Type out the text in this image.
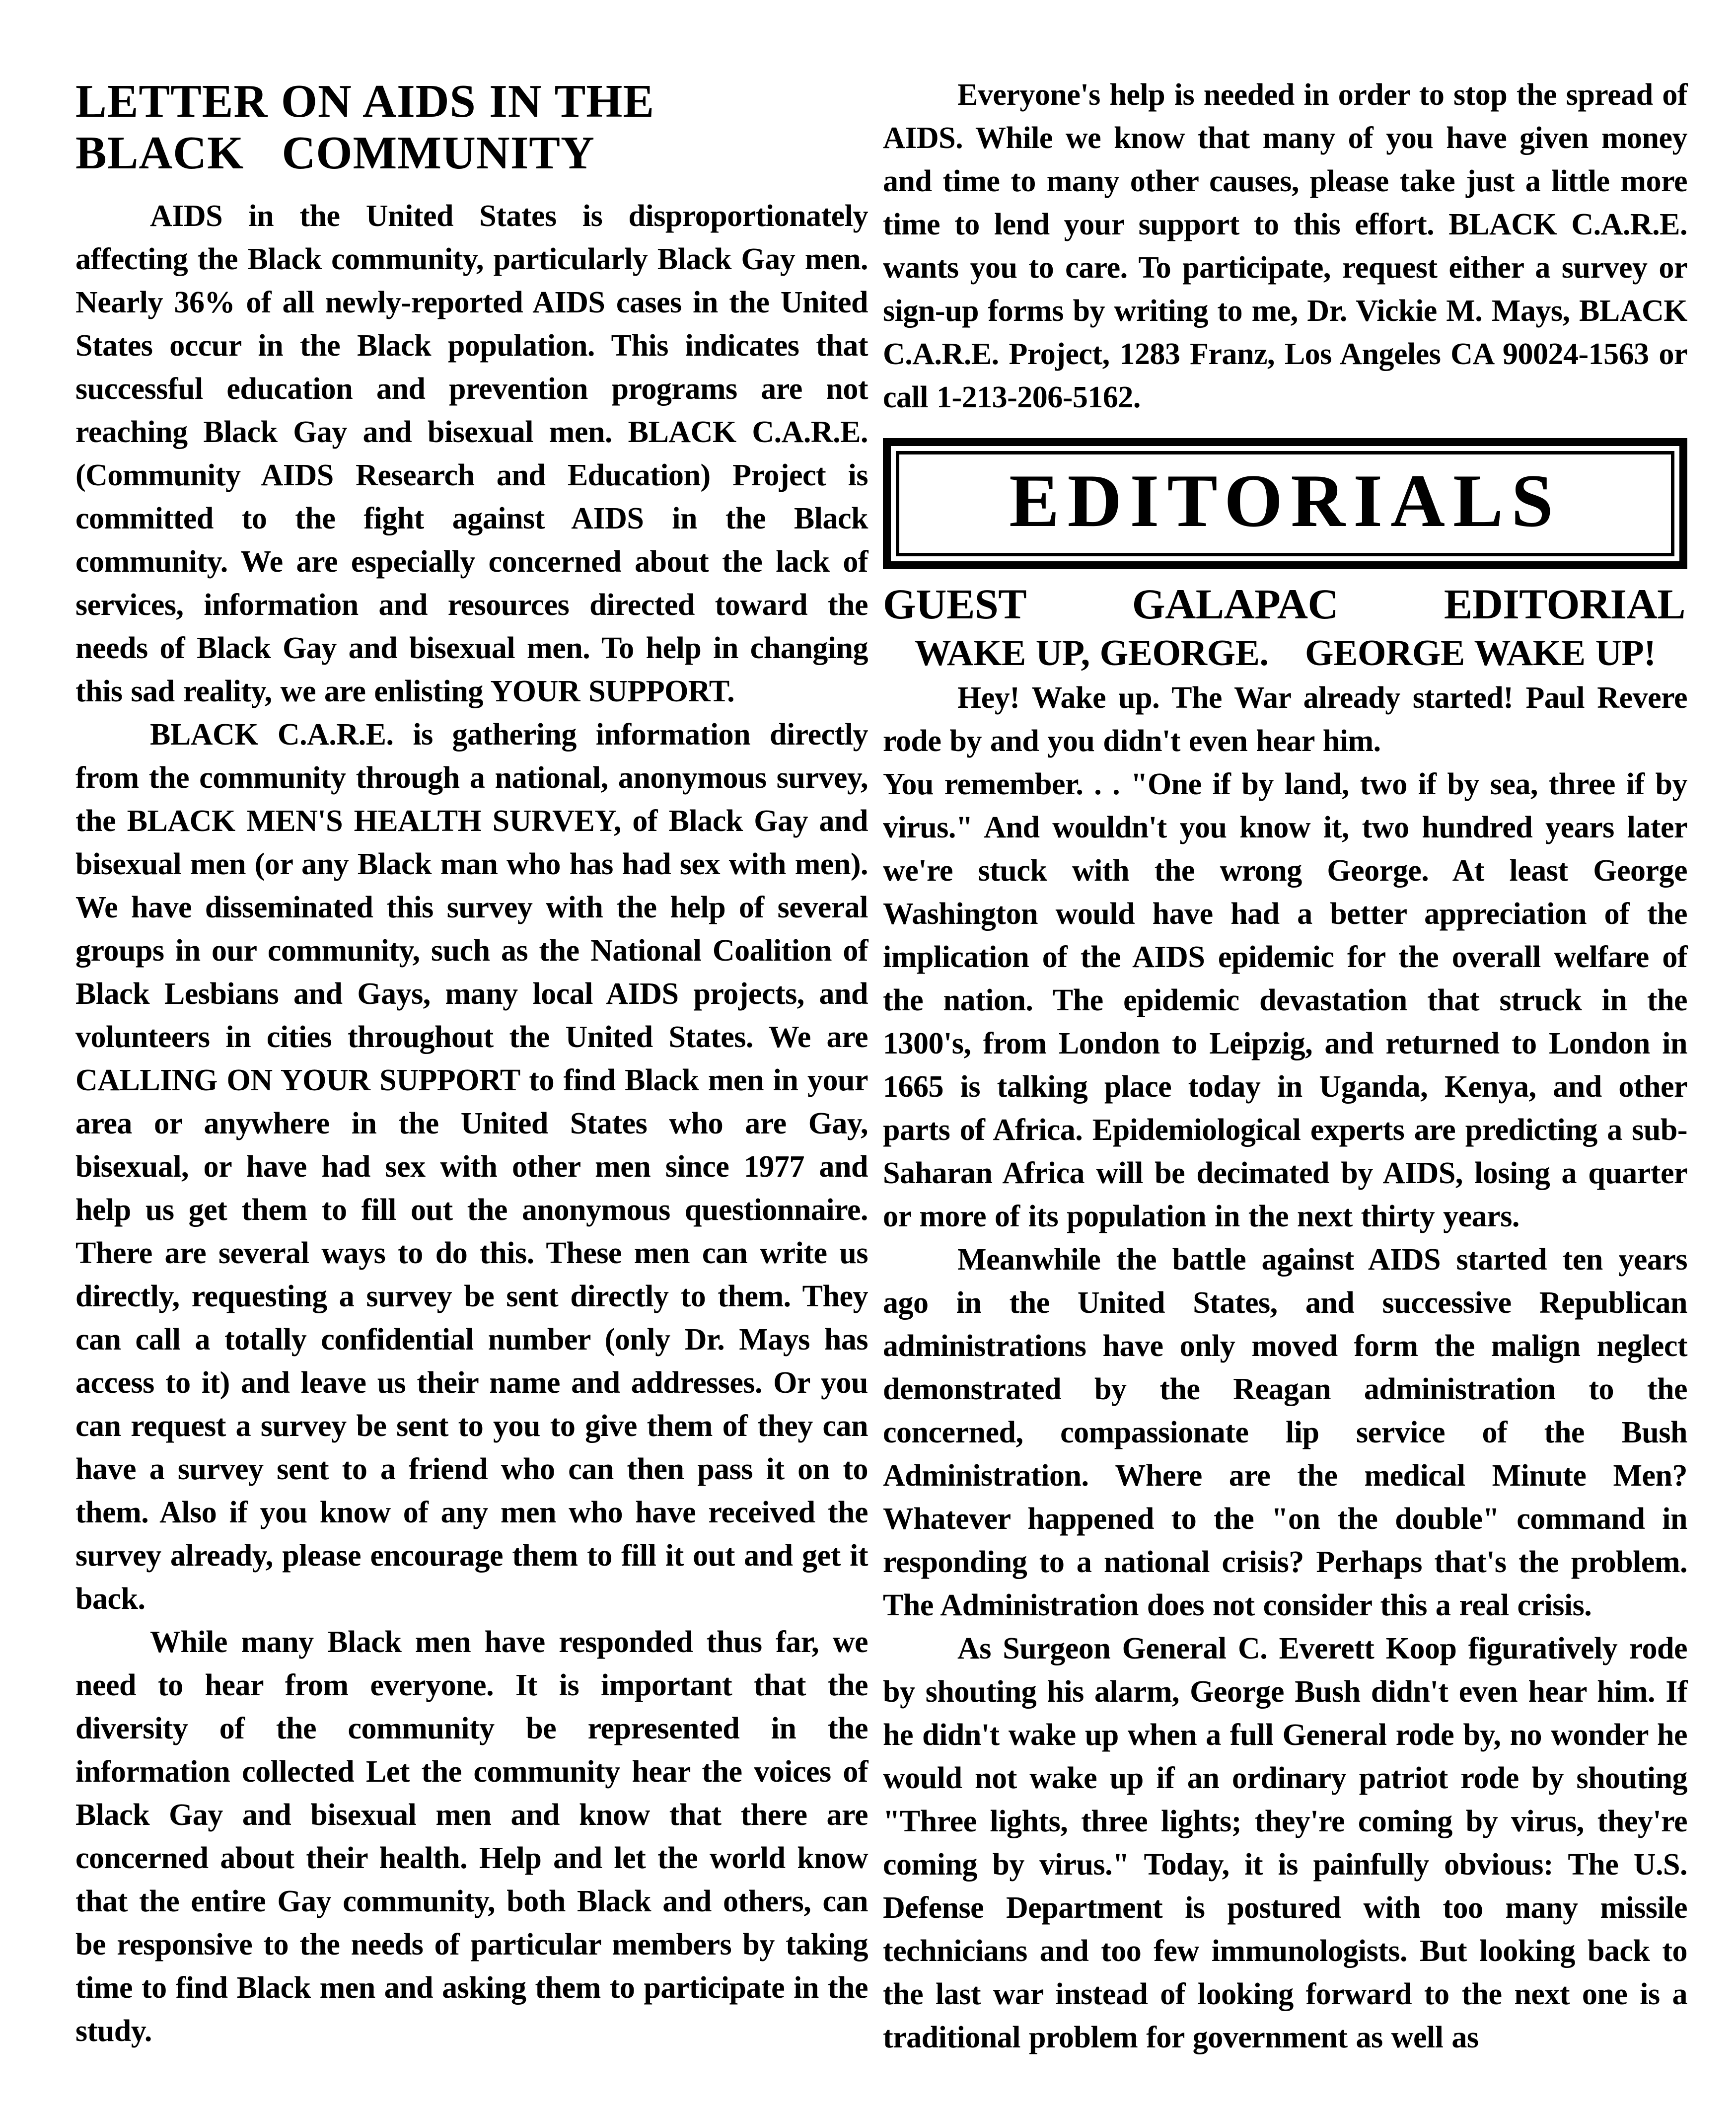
LETTER ON AIDS IN THE
BLACK COMMUNITY

AIDS in the United States is disproportionately affecting the Black community, particularly Black Gay men. Nearly 36% of all newly-reported AIDS cases in the United States occur in the Black population. This indicates that successful education and prevention programs are not reaching Black Gay and bisexual men. BLACK C.A.R.E. (Community AIDS Research and Education) Project is committed to the fight against AIDS in the Black community. We are especially concerned about the lack of services, information and resources directed toward the needs of Black Gay and bisexual men. To help in changing this sad reality, we are enlisting YOUR SUPPORT.

BLACK C.A.R.E. is gathering information directly from the community through a national, anonymous survey, the BLACK MEN'S HEALTH SURVEY, of Black Gay and bisexual men (or any Black man who has had sex with men). We have disseminated this survey with the help of several groups in our community, such as the National Coalition of Black Lesbians and Gays, many local AIDS projects, and volunteers in cities throughout the United States. We are CALLING ON YOUR SUPPORT to find Black men in your area or anywhere in the United States who are Gay, bisexual, or have had sex with other men since 1977 and help us get them to fill out the anonymous questionnaire. There are several ways to do this. These men can write us directly, requesting a survey be sent directly to them. They can call a totally confidential number (only Dr. Mays has access to it) and leave us their name and addresses. Or you can request a survey be sent to you to give them of they can have a survey sent to a friend who can then pass it on to them. Also if you know of any men who have received the survey already, please encourage them to fill it out and get it back.

While many Black men have responded thus far, we need to hear from everyone. It is important that the diversity of the community be represented in the information collected Let the community hear the voices of Black Gay and bisexual men and know that there are concerned about their health. Help and let the world know that the entire Gay community, both Black and others, can be responsive to the needs of particular members by taking time to find Black men and asking them to participate in the study.

Everyone's help is needed in order to stop the spread of AIDS. While we know that many of you have given money and time to many other causes, please take just a little more time to lend your support to this effort. BLACK C.A.R.E. wants you to care. To participate, request either a survey or sign-up forms by writing to me, Dr. Vickie M. Mays, BLACK C.A.R.E. Project, 1283 Franz, Los Angeles CA 90024-1563 or call 1-213-206-5162.

EDITORIALS
GUEST GALAPAC EDITORIAL

WAKE UP, GEORGE. GEORGE WAKE UP!

Hey! Wake up. The War already started! Paul Revere rode by and you didn't even hear him.

You remember. . . "One if by land, two if by sea, three if by virus." And wouldn't you know it, two hundred years later we're stuck with the wrong George. At least George Washington would have had a better appreciation of the implication of the AIDS epidemic for the overall welfare of the nation. The epidemic devastation that struck in the 1300's, from London to Leipzig, and returned to London in 1665 is talking place today in Uganda, Kenya, and other parts of Africa. Epidemiological experts are predicting a sub-Saharan Africa will be decimated by AIDS, losing a quarter or more of its population in the next thirty years.

Meanwhile the battle against AIDS started ten years ago in the United States, and successive Republican administrations have only moved form the malign neglect demonstrated by the Reagan administration to the concerned, compassionate lip service of the Bush Administration. Where are the medical Minute Men? Whatever happened to the "on the double" command in responding to a national crisis? Perhaps that's the problem. The Administration does not consider this a real crisis.

As Surgeon General C. Everett Koop figuratively rode by shouting his alarm, George Bush didn't even hear him. If he didn't wake up when a full General rode by, no wonder he would not wake up if an ordinary patriot rode by shouting "Three lights, three lights; they're coming by virus, they're coming by virus." Today, it is painfully obvious: The U.S. Defense Department is postured with too many missile technicians and too few immunologists. But looking back to the last war instead of looking forward to the next one is a traditional problem for government as well as
